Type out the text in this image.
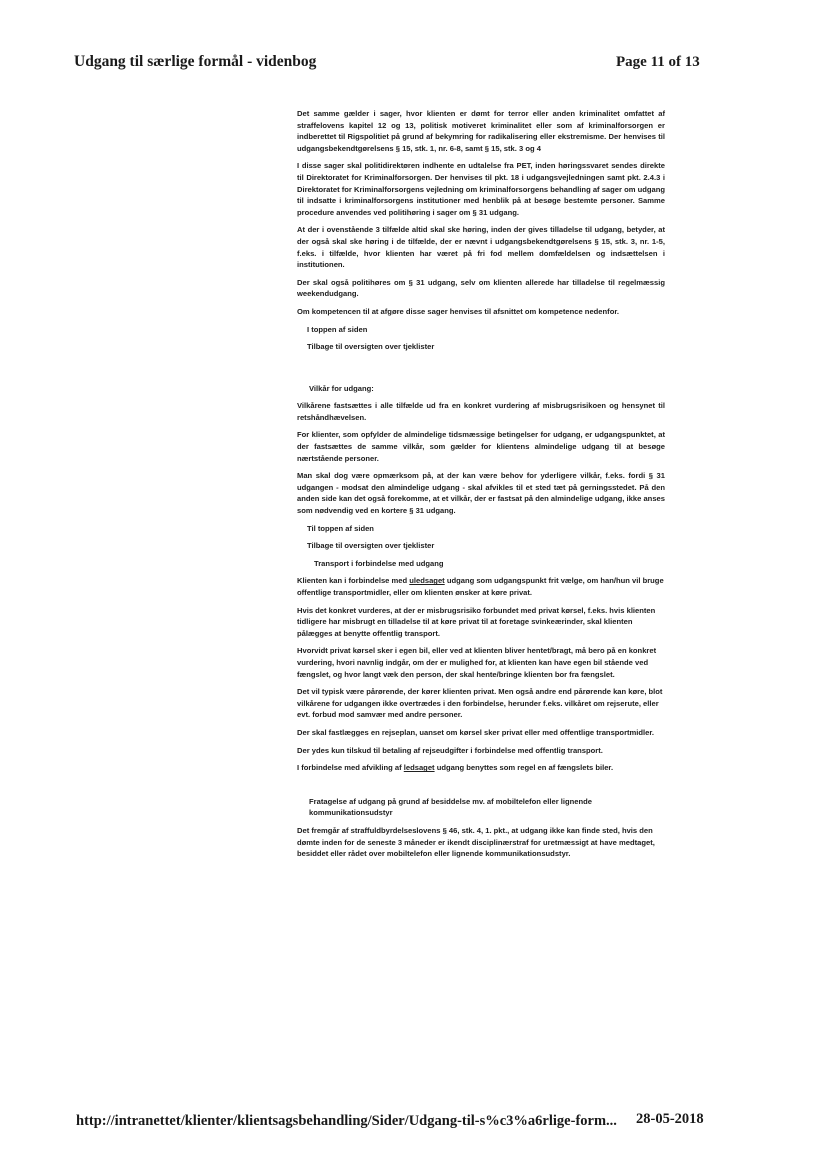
Udgang til særlige formål - videnbog	Page 11 of 13

Det samme gælder i sager, hvor klienten er dømt for terror eller anden kriminalitet omfattet af straffelovens kapitel 12 og 13, politisk motiveret kriminalitet eller som af kriminalforsorgen er indberettet til Rigspolitiet på grund af bekymring for radikalisering eller ekstremisme. Der henvises til udgangsbekendtgørelsens § 15, stk. 1, nr. 6-8, samt § 15, stk. 3 og 4

I disse sager skal politidirektøren indhente en udtalelse fra PET, inden høringssvaret sendes direkte til Direktoratet for Kriminalforsorgen. Der henvises til pkt. 18 i udgangsvejledningen samt pkt. 2.4.3 i Direktoratet for Kriminalforsorgens vejledning om kriminalforsorgens behandling af sager om udgang til indsatte i kriminalforsorgens institutioner med henblik på at besøge bestemte personer. Samme procedure anvendes ved politihøring i sager om § 31 udgang.

At der i ovenstående 3 tilfælde altid skal ske høring, inden der gives tilladelse til udgang, betyder, at der også skal ske høring i de tilfælde, der er nævnt i udgangsbekendtgørelsens § 15, stk. 3, nr. 1-5, f.eks. i tilfælde, hvor klienten har været på fri fod mellem domfældelsen og indsættelsen i institutionen.

Der skal også politihøres om § 31 udgang, selv om klienten allerede har tilladelse til regelmæssig weekendudgang.

Om kompetencen til at afgøre disse sager henvises til afsnittet om kompetence nedenfor.

I toppen af siden
Tilbage til oversigten over tjeklister
Vilkår for udgang:

Vilkårene fastsættes i alle tilfælde ud fra en konkret vurdering af misbrugsrisikoen og hensynet til retshåndhævelsen.

For klienter, som opfylder de almindelige tidsmæssige betingelser for udgang, er udgangspunktet, at der fastsættes de samme vilkår, som gælder for klientens almindelige udgang til at besøge nærtstående personer.

Man skal dog være opmærksom på, at der kan være behov for yderligere vilkår, f.eks. fordi § 31 udgangen - modsat den almindelige udgang - skal afvikles til et sted tæt på gerningsstedet. På den anden side kan det også forekomme, at et vilkår, der er fastsat på den almindelige udgang, ikke anses som nødvendig ved en kortere § 31 udgang.

Til toppen af siden
Tilbage til oversigten over tjeklister
Transport i forbindelse med udgang

Klienten kan i forbindelse med uledsaget udgang som udgangspunkt frit vælge, om han/hun vil bruge offentlige transportmidler, eller om klienten ønsker at køre privat.

Hvis det konkret vurderes, at der er misbrugsrisiko forbundet med privat kørsel, f.eks. hvis klienten tidligere har misbrugt en tilladelse til at køre privat til at foretage svinkeærinder, skal klienten pålægges at benytte offentlig transport.

Hvorvidt privat kørsel sker i egen bil, eller ved at klienten bliver hentet/bragt, må bero på en konkret vurdering, hvori navnlig indgår, om der er mulighed for, at klienten kan have egen bil stående ved fængslet, og hvor langt væk den person, der skal hente/bringe klienten bor fra fængslet.

Det vil typisk være pårørende, der kører klienten privat. Men også andre end pårørende kan køre, blot vilkårene for udgangen ikke overtrædes i den forbindelse, herunder f.eks. vilkåret om rejserute, eller evt. forbud mod samvær med andre personer.

Der skal fastlægges en rejseplan, uanset om kørsel sker privat eller med offentlige transportmidler.

Der ydes kun tilskud til betaling af rejseudgifter i forbindelse med offentlig transport.

I forbindelse med afvikling af ledsaget udgang benyttes som regel en af fængslets biler.

Fratagelse af udgang på grund af besiddelse mv. af mobiltelefon eller lignende kommunikationsudstyr

Det fremgår af straffuldbyrdelseslovens § 46, stk. 4, 1. pkt., at udgang ikke kan finde sted, hvis den dømte inden for de seneste 3 måneder er ikendt disciplinærstraf for uretmæssigt at have medtaget, besiddet eller rådet over mobiltelefon eller lignende kommunikationsudstyr.

http://intranettet/klienter/klientsagsbehandling/Sider/Udgang-til-s%c3%a6rlige-form... 28-05-2018
